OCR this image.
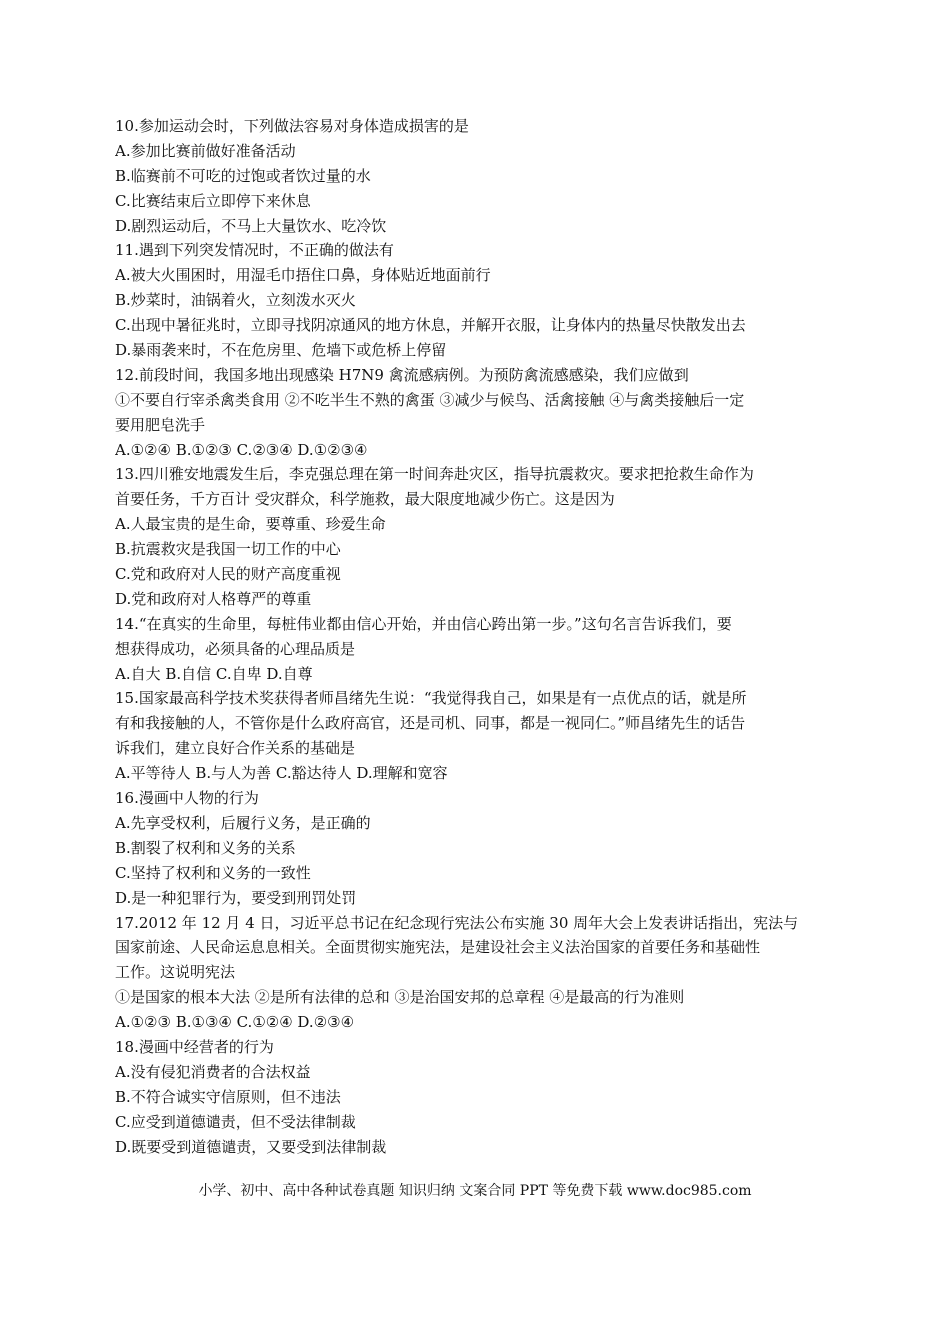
10.参加运动会时，下列做法容易对身体造成损害的是
A.参加比赛前做好准备活动
B.临赛前不可吃的过饱或者饮过量的水
C.比赛结束后立即停下来休息
D.剧烈运动后，不马上大量饮水、吃冷饮
11.遇到下列突发情况时，不正确的做法有
A.被大火围困时，用湿毛巾捂住口鼻，身体贴近地面前行
B.炒菜时，油锅着火，立刻泼水灭火
C.出现中暑征兆时，立即寻找阴凉通风的地方休息，并解开衣服，让身体内的热量尽快散发出去
D.暴雨袭来时，不在危房里、危墙下或危桥上停留
12.前段时间，我国多地出现感染 H7N9 禽流感病例。为预防禽流感感染，我们应做到
①不要自行宰杀禽类食用 ②不吃半生不熟的禽蛋 ③减少与候鸟、活禽接触 ④与禽类接触后一定
要用肥皂洗手
A.①②④ B.①②③ C.②③④ D.①②③④
13.四川雅安地震发生后，李克强总理在第一时间奔赴灾区，指导抗震救灾。要求把抢救生命作为
首要任务，千方百计 受灾群众，科学施救，最大限度地减少伤亡。这是因为
A.人最宝贵的是生命，要尊重、珍爱生命
B.抗震救灾是我国一切工作的中心
C.党和政府对人民的财产高度重视
D.党和政府对人格尊严的尊重
14.“在真实的生命里，每桩伟业都由信心开始，并由信心跨出第一步。”这句名言告诉我们，要
想获得成功，必须具备的心理品质是
A.自大 B.自信 C.自卑 D.自尊
15.国家最高科学技术奖获得者师昌绪先生说：“我觉得我自己，如果是有一点优点的话，就是所
有和我接触的人，不管你是什么政府高官，还是司机、同事，都是一视同仁。”师昌绪先生的话告
诉我们，建立良好合作关系的基础是
A.平等待人 B.与人为善 C.豁达待人 D.理解和宽容
16.漫画中人物的行为
A.先享受权利，后履行义务，是正确的
B.割裂了权利和义务的关系
C.坚持了权利和义务的一致性
D.是一种犯罪行为，要受到刑罚处罚
17.2012 年 12 月 4 日，习近平总书记在纪念现行宪法公布实施 30 周年大会上发表讲话指出，宪法与
国家前途、人民命运息息相关。全面贯彻实施宪法，是建设社会主义法治国家的首要任务和基础性
工作。这说明宪法
①是国家的根本大法 ②是所有法律的总和 ③是治国安邦的总章程 ④是最高的行为准则
A.①②③ B.①③④ C.①②④ D.②③④
18.漫画中经营者的行为
A.没有侵犯消费者的合法权益
B.不符合诚实守信原则，但不违法
C.应受到道德谴责，但不受法律制裁
D.既要受到道德谴责，又要受到法律制裁
小学、初中、高中各种试卷真题 知识归纳 文案合同 PPT 等免费下载 www.doc985.com
